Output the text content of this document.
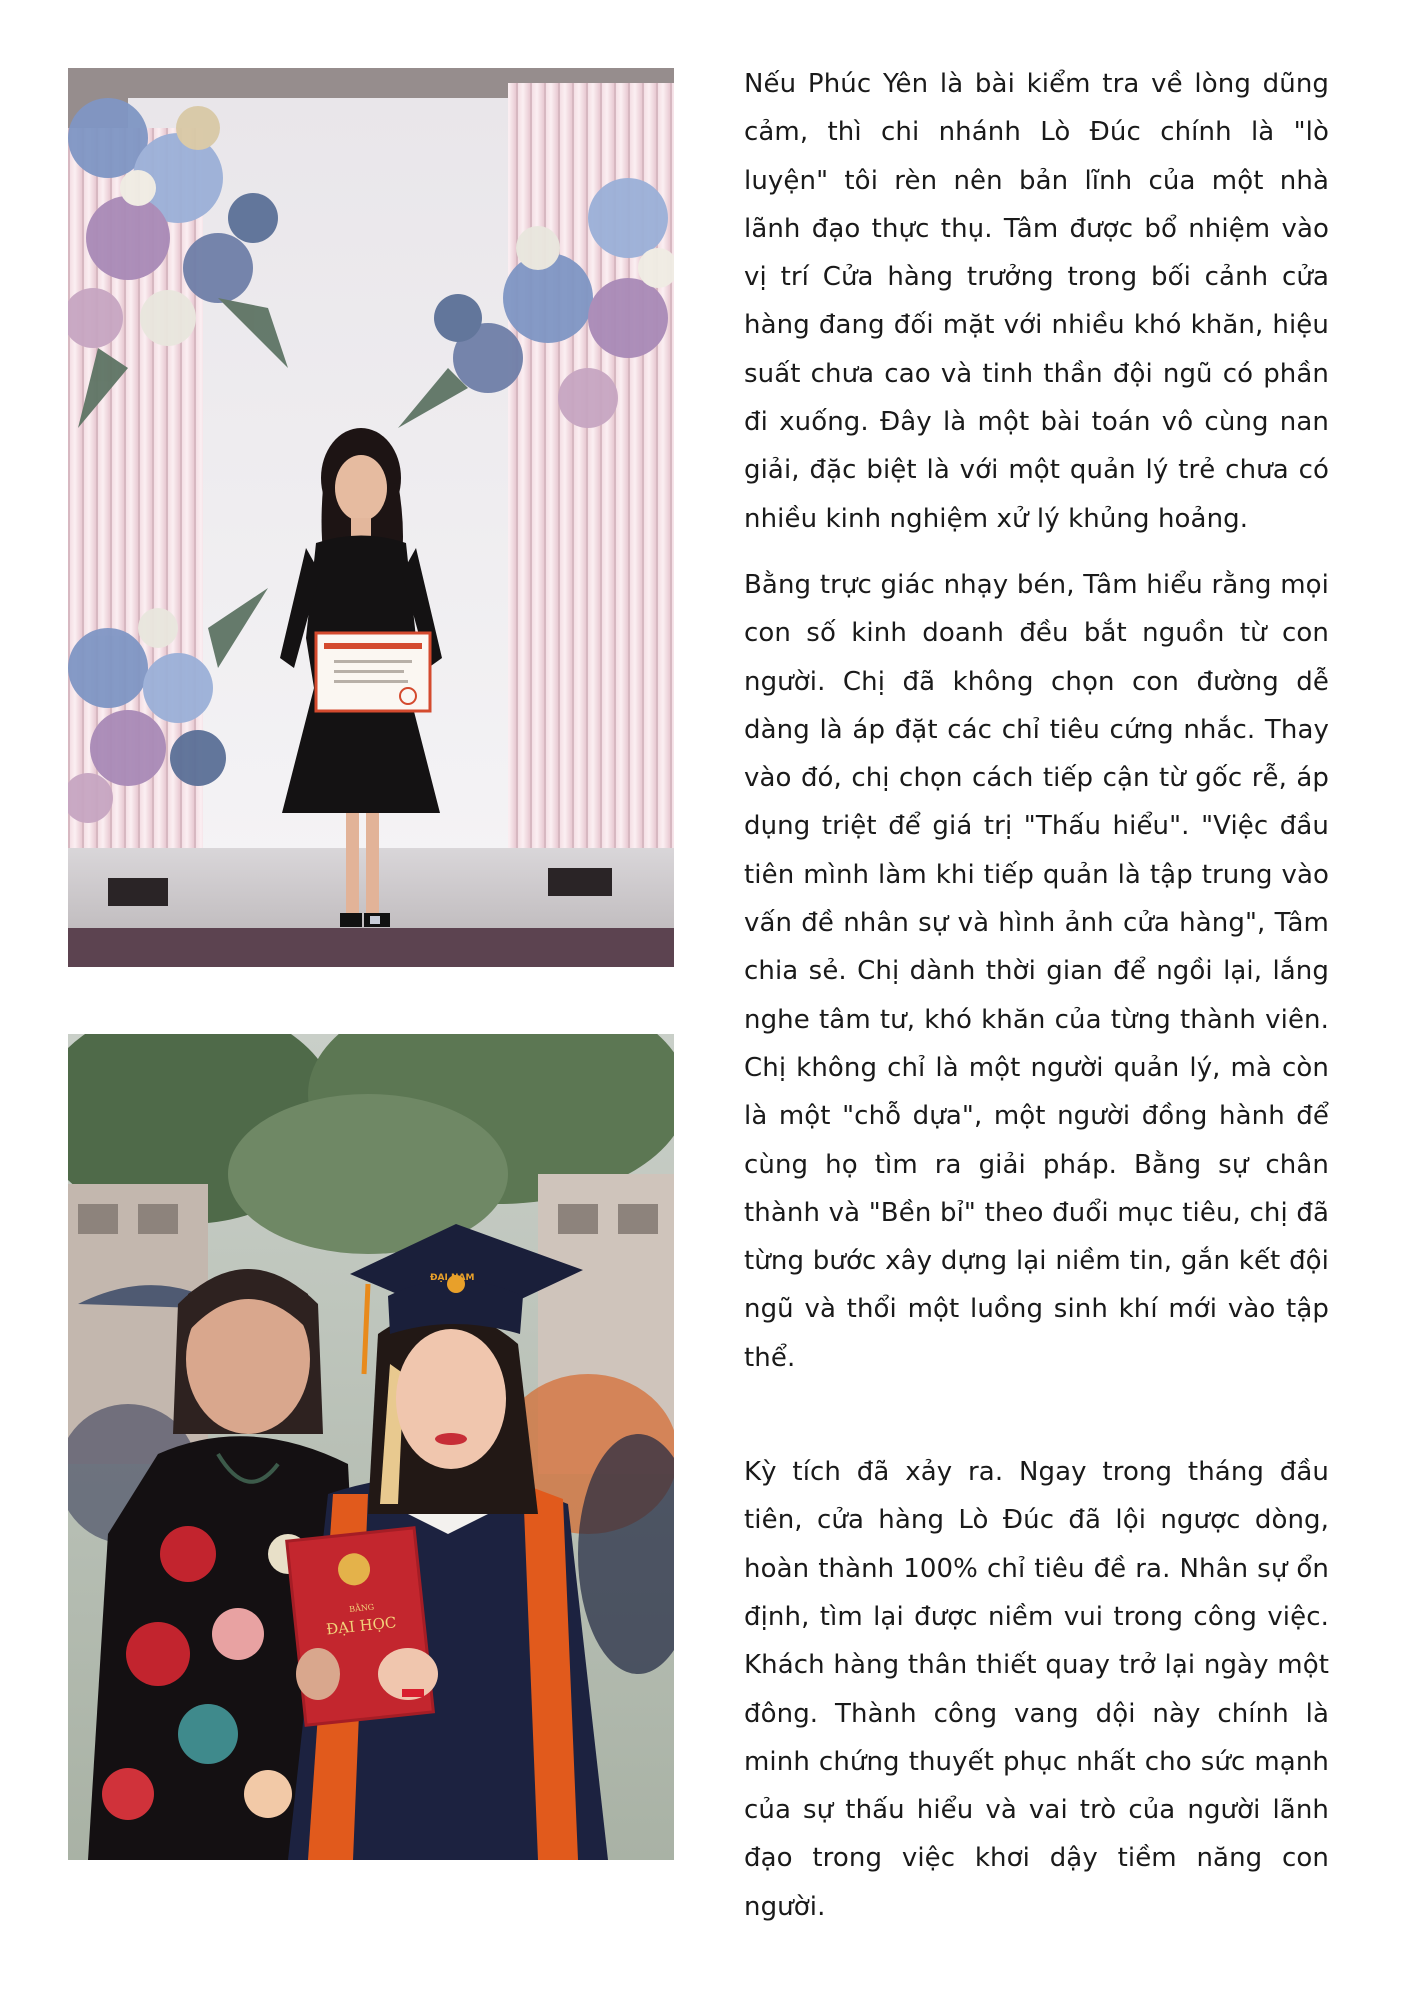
BẰNG
ĐẠI HỌC
ĐẠI NAM

Nếu Phúc Yên là bài kiểm tra về lòng dũng cảm, thì chi nhánh Lò Đúc chính là "lò luyện" tôi rèn nên bản lĩnh của một nhà lãnh đạo thực thụ. Tâm được bổ nhiệm vào vị trí Cửa hàng trưởng trong bối cảnh cửa hàng đang đối mặt với nhiều khó khăn, hiệu suất chưa cao và tinh thần đội ngũ có phần đi xuống. Đây là một bài toán vô cùng nan giải, đặc biệt là với một quản lý trẻ chưa có nhiều kinh nghiệm xử lý khủng hoảng.

Bằng trực giác nhạy bén, Tâm hiểu rằng mọi con số kinh doanh đều bắt nguồn từ con người. Chị đã không chọn con đường dễ dàng là áp đặt các chỉ tiêu cứng nhắc. Thay vào đó, chị chọn cách tiếp cận từ gốc rễ, áp dụng triệt để giá trị "Thấu hiểu". "Việc đầu tiên mình làm khi tiếp quản là tập trung vào vấn đề nhân sự và hình ảnh cửa hàng", Tâm chia sẻ. Chị dành thời gian để ngồi lại, lắng nghe tâm tư, khó khăn của từng thành viên. Chị không chỉ là một người quản lý, mà còn là một "chỗ dựa", một người đồng hành để cùng họ tìm ra giải pháp. Bằng sự chân thành và "Bền bỉ" theo đuổi mục tiêu, chị đã từng bước xây dựng lại niềm tin, gắn kết đội ngũ và thổi một luồng sinh khí mới vào tập thể.

Kỳ tích đã xảy ra. Ngay trong tháng đầu tiên, cửa hàng Lò Đúc đã lội ngược dòng, hoàn thành 100% chỉ tiêu đề ra. Nhân sự ổn định, tìm lại được niềm vui trong công việc. Khách hàng thân thiết quay trở lại ngày một đông. Thành công vang dội này chính là minh chứng thuyết phục nhất cho sức mạnh của sự thấu hiểu và vai trò của người lãnh đạo trong việc khơi dậy tiềm năng con người.
